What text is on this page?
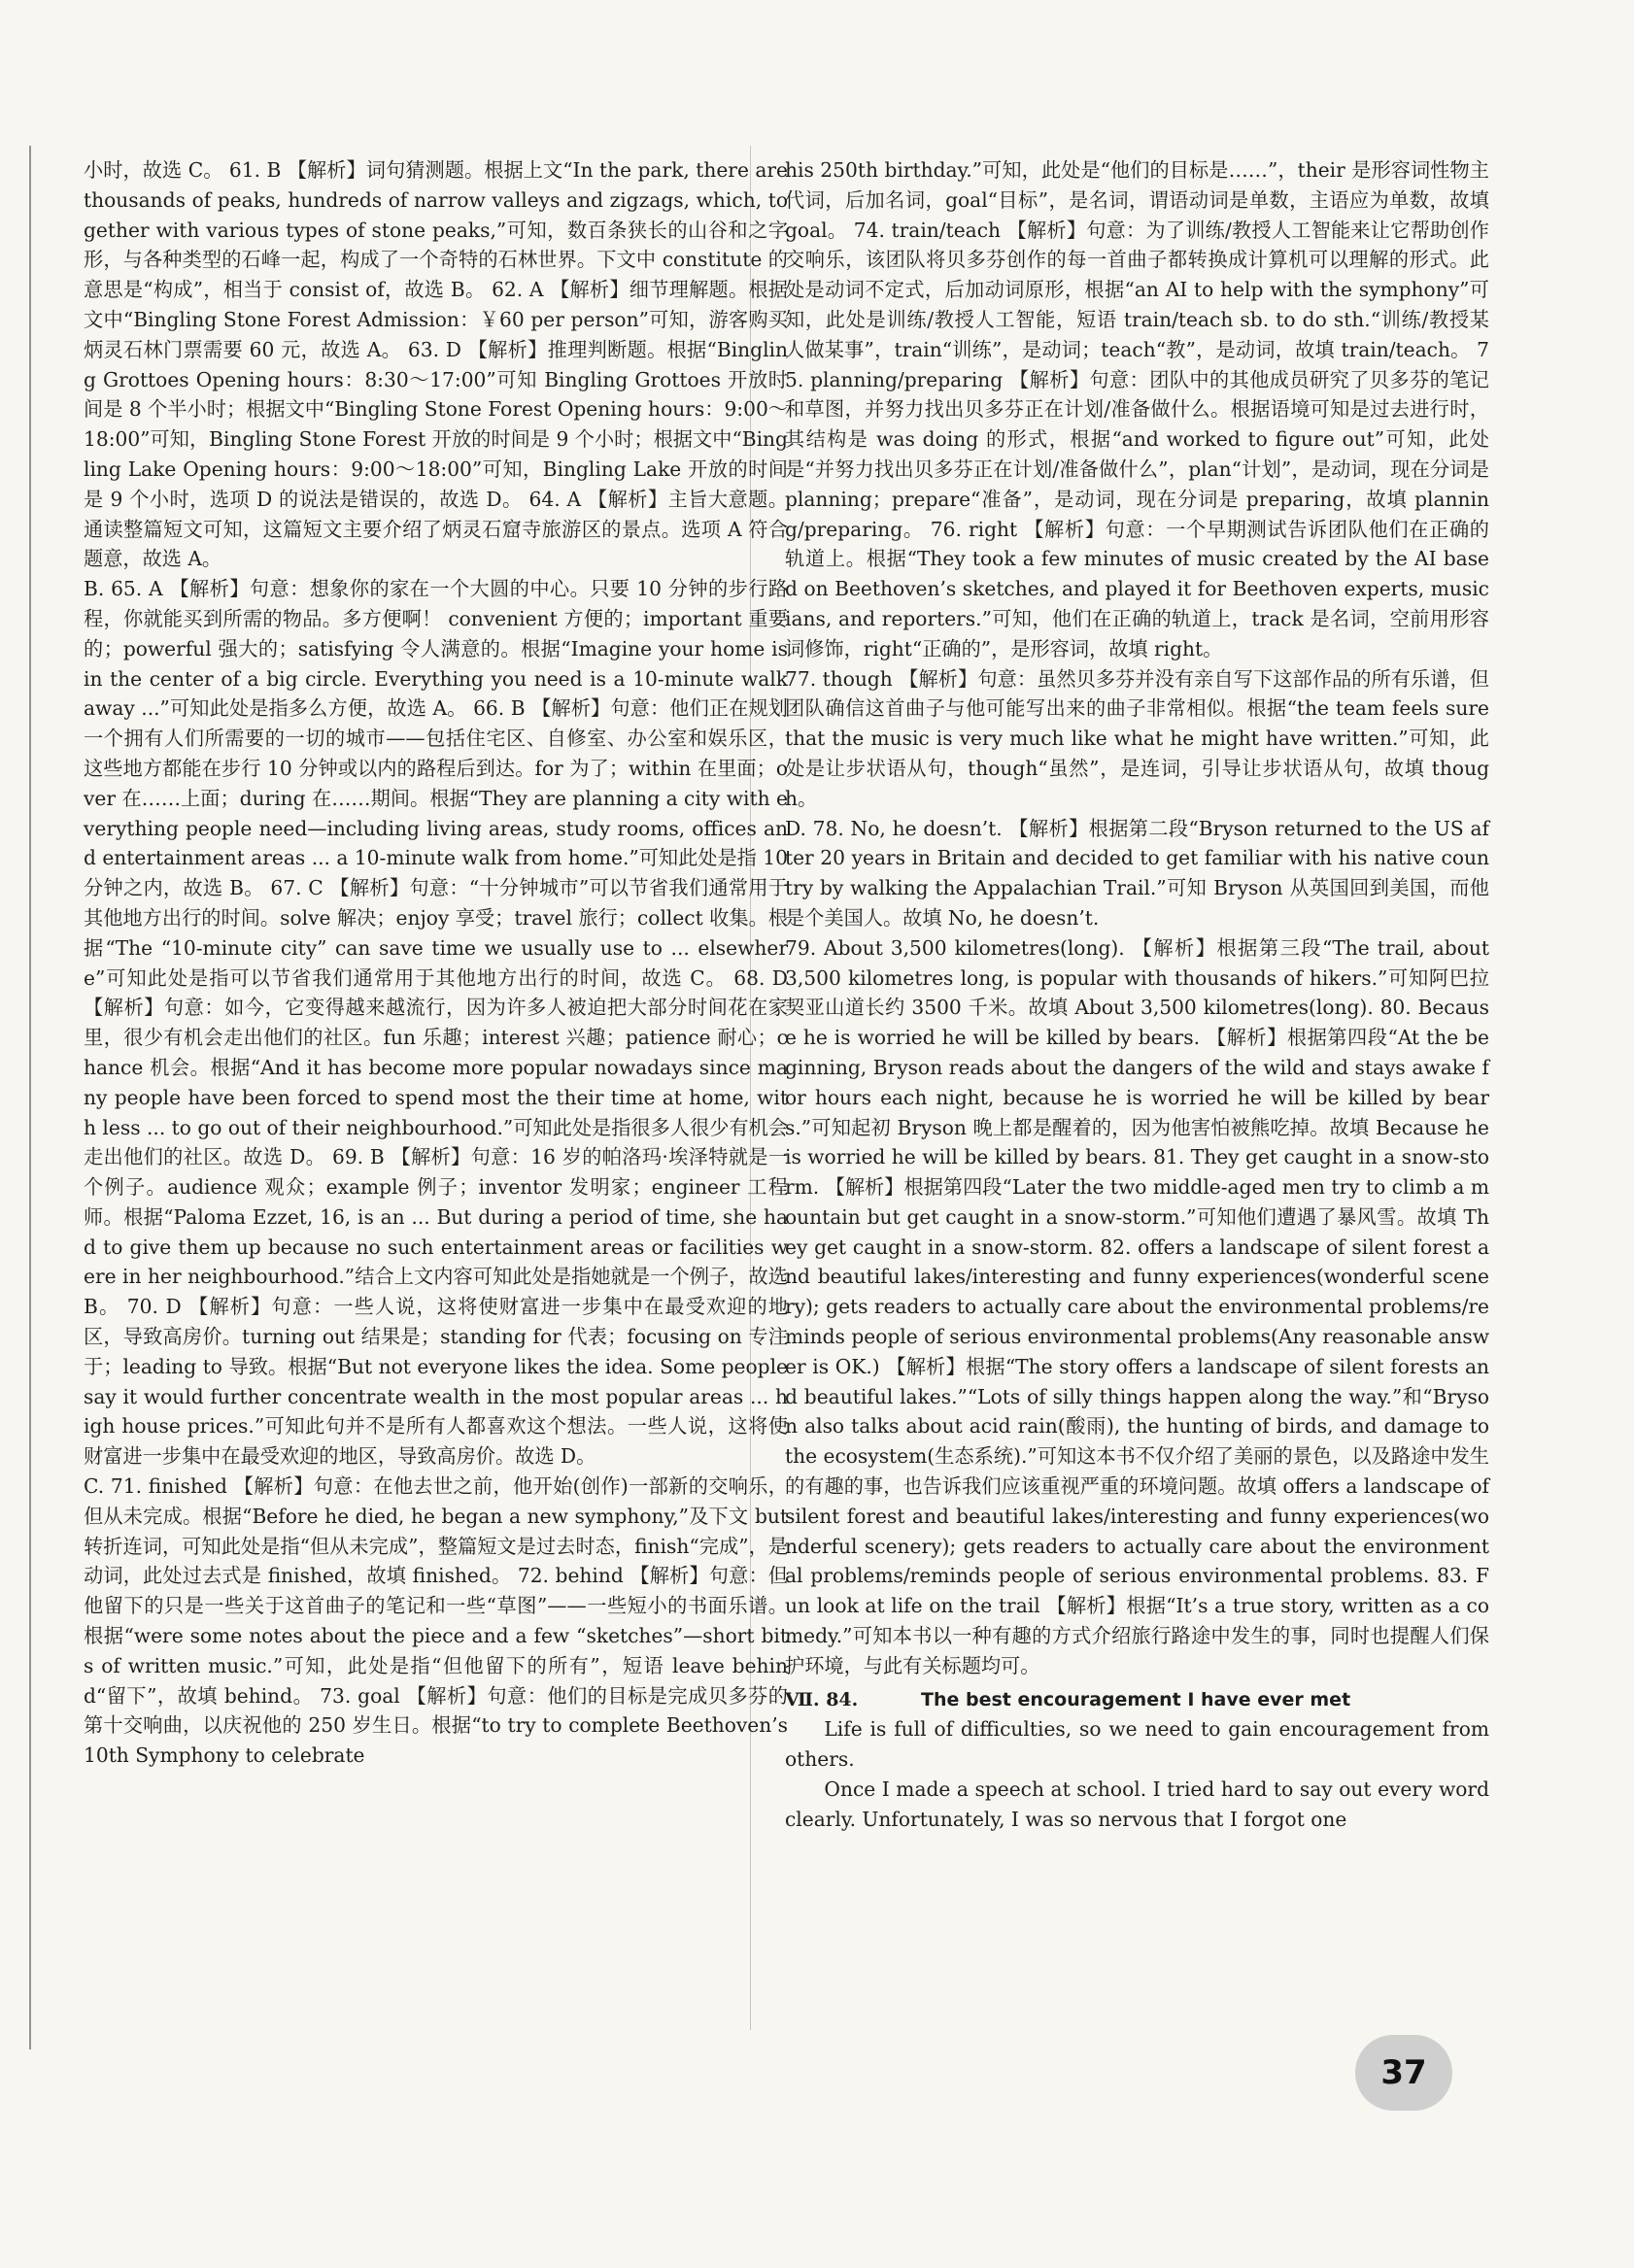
小时，故选 C。 61. B 【解析】词句猜测题。根据上文“In the park, there are thousands of peaks, hundreds of narrow valleys and zigzags, which, together with various types of stone peaks,”可知，数百条狭长的山谷和之字形，与各种类型的石峰一起，构成了一个奇特的石林世界。下文中 constitute 的意思是“构成”，相当于 consist of，故选 B。 62. A 【解析】细节理解题。根据文中“Bingling Stone Forest Admission：￥60 per person”可知，游客购买炳灵石林门票需要 60 元，故选 A。 63. D 【解析】推理判断题。根据“Bingling Grottoes Opening hours：8:30～17:00”可知 Bingling Grottoes 开放时间是 8 个半小时；根据文中“Bingling Stone Forest Opening hours：9:00～18:00”可知，Bingling Stone Forest 开放的时间是 9 个小时；根据文中“Bingling Lake Opening hours：9:00～18:00”可知，Bingling Lake 开放的时间是 9 个小时，选项 D 的说法是错误的，故选 D。 64. A 【解析】主旨大意题。通读整篇短文可知，这篇短文主要介绍了炳灵石窟寺旅游区的景点。选项 A 符合题意，故选 A。

B. 65. A 【解析】句意：想象你的家在一个大圆的中心。只要 10 分钟的步行路程，你就能买到所需的物品。多方便啊！ convenient 方便的；important 重要的；powerful 强大的；satisfying 令人满意的。根据“Imagine your home is in the center of a big circle. Everything you need is a 10-minute walk away ...”可知此处是指多么方便，故选 A。 66. B 【解析】句意：他们正在规划一个拥有人们所需要的一切的城市——包括住宅区、自修室、办公室和娱乐区，这些地方都能在步行 10 分钟或以内的路程后到达。for 为了；within 在里面；over 在……上面；during 在……期间。根据“They are planning a city with everything people need—including living areas, study rooms, offices and entertainment areas ... a 10-minute walk from home.”可知此处是指 10 分钟之内，故选 B。 67. C 【解析】句意：“十分钟城市”可以节省我们通常用于其他地方出行的时间。solve 解决；enjoy 享受；travel 旅行；collect 收集。根据“The “10-minute city” can save time we usually use to ... elsewhere”可知此处是指可以节省我们通常用于其他地方出行的时间，故选 C。 68. D 【解析】句意：如今，它变得越来越流行，因为许多人被迫把大部分时间花在家里，很少有机会走出他们的社区。fun 乐趣；interest 兴趣；patience 耐心；chance 机会。根据“And it has become more popular nowadays since many people have been forced to spend most the their time at home, with less ... to go out of their neighbourhood.”可知此处是指很多人很少有机会走出他们的社区。故选 D。 69. B 【解析】句意：16 岁的帕洛玛·埃泽特就是一个例子。audience 观众；example 例子；inventor 发明家；engineer 工程师。根据“Paloma Ezzet, 16, is an ... But during a period of time, she had to give them up because no such entertainment areas or facilities were in her neighbourhood.”结合上文内容可知此处是指她就是一个例子，故选 B。 70. D 【解析】句意：一些人说，这将使财富进一步集中在最受欢迎的地区，导致高房价。turning out 结果是；standing for 代表；focusing on 专注于；leading to 导致。根据“But not everyone likes the idea. Some people say it would further concentrate wealth in the most popular areas ... high house prices.”可知此句并不是所有人都喜欢这个想法。一些人说，这将使财富进一步集中在最受欢迎的地区，导致高房价。故选 D。

C. 71. finished 【解析】句意：在他去世之前，他开始(创作)一部新的交响乐，但从未完成。根据“Before he died, he began a new symphony,”及下文 but 转折连词，可知此处是指“但从未完成”，整篇短文是过去时态，finish“完成”，是动词，此处过去式是 finished，故填 finished。 72. behind 【解析】句意：但他留下的只是一些关于这首曲子的笔记和一些“草图”——一些短小的书面乐谱。根据“were some notes about the piece and a few “sketches”—short bits of written music.”可知，此处是指“但他留下的所有”，短语 leave behind“留下”，故填 behind。 73. goal 【解析】句意：他们的目标是完成贝多芬的第十交响曲，以庆祝他的 250 岁生日。根据“to try to complete Beethoven’s 10th Symphony to celebrate

his 250th birthday.”可知，此处是“他们的目标是……”，their 是形容词性物主代词，后加名词，goal“目标”，是名词，谓语动词是单数，主语应为单数，故填 goal。 74. train/teach 【解析】句意：为了训练/教授人工智能来让它帮助创作交响乐，该团队将贝多芬创作的每一首曲子都转换成计算机可以理解的形式。此处是动词不定式，后加动词原形，根据“an AI to help with the symphony”可知，此处是训练/教授人工智能，短语 train/teach sb. to do sth.“训练/教授某人做某事”，train“训练”，是动词；teach“教”，是动词，故填 train/teach。 75. planning/preparing 【解析】句意：团队中的其他成员研究了贝多芬的笔记和草图，并努力找出贝多芬正在计划/准备做什么。根据语境可知是过去进行时，其结构是 was doing 的形式，根据“and worked to figure out”可知，此处是“并努力找出贝多芬正在计划/准备做什么”，plan“计划”，是动词，现在分词是 planning；prepare“准备”，是动词，现在分词是 preparing，故填 planning/preparing。 76. right 【解析】句意：一个早期测试告诉团队他们在正确的轨道上。根据“They took a few minutes of music created by the AI based on Beethoven’s sketches, and played it for Beethoven experts, musicians, and reporters.”可知，他们在正确的轨道上，track 是名词，空前用形容词修饰，right“正确的”，是形容词，故填 right。

77. though 【解析】句意：虽然贝多芬并没有亲自写下这部作品的所有乐谱，但团队确信这首曲子与他可能写出来的曲子非常相似。根据“the team feels sure that the music is very much like what he might have written.”可知，此处是让步状语从句，though“虽然”，是连词，引导让步状语从句，故填 though。

D. 78. No, he doesn’t. 【解析】根据第二段“Bryson returned to the US after 20 years in Britain and decided to get familiar with his native country by walking the Appalachian Trail.”可知 Bryson 从英国回到美国，而他是个美国人。故填 No, he doesn’t.

79. About 3,500 kilometres(long). 【解析】根据第三段“The trail, about 3,500 kilometres long, is popular with thousands of hikers.”可知阿巴拉契亚山道长约 3500 千米。故填 About 3,500 kilometres(long). 80. Because he is worried he will be killed by bears. 【解析】根据第四段“At the beginning, Bryson reads about the dangers of the wild and stays awake for hours each night, because he is worried he will be killed by bears.”可知起初 Bryson 晚上都是醒着的，因为他害怕被熊吃掉。故填 Because he is worried he will be killed by bears. 81. They get caught in a snow-storm. 【解析】根据第四段“Later the two middle-aged men try to climb a mountain but get caught in a snow-storm.”可知他们遭遇了暴风雪。故填 They get caught in a snow-storm. 82. offers a landscape of silent forest and beautiful lakes/interesting and funny experiences(wonderful scenery); gets readers to actually care about the environmental problems/reminds people of serious environmental problems(Any reasonable answer is OK.) 【解析】根据“The story offers a landscape of silent forests and beautiful lakes.”“Lots of silly things happen along the way.”和“Bryson also talks about acid rain(酸雨), the hunting of birds, and damage to the ecosystem(生态系统).”可知这本书不仅介绍了美丽的景色，以及路途中发生的有趣的事，也告诉我们应该重视严重的环境问题。故填 offers a landscape of silent forest and beautiful lakes/interesting and funny experiences(wonderful scenery); gets readers to actually care about the environmental problems/reminds people of serious environmental problems. 83. Fun look at life on the trail 【解析】根据“It’s a true story, written as a comedy.”可知本书以一种有趣的方式介绍旅行路途中发生的事，同时也提醒人们保护环境，与此有关标题均可。

Ⅶ. 84.	The best encouragement I have ever met

Life is full of difficulties, so we need to gain encouragement from others.

Once I made a speech at school. I tried hard to say out every word clearly. Unfortunately, I was so nervous that I forgot one

37
